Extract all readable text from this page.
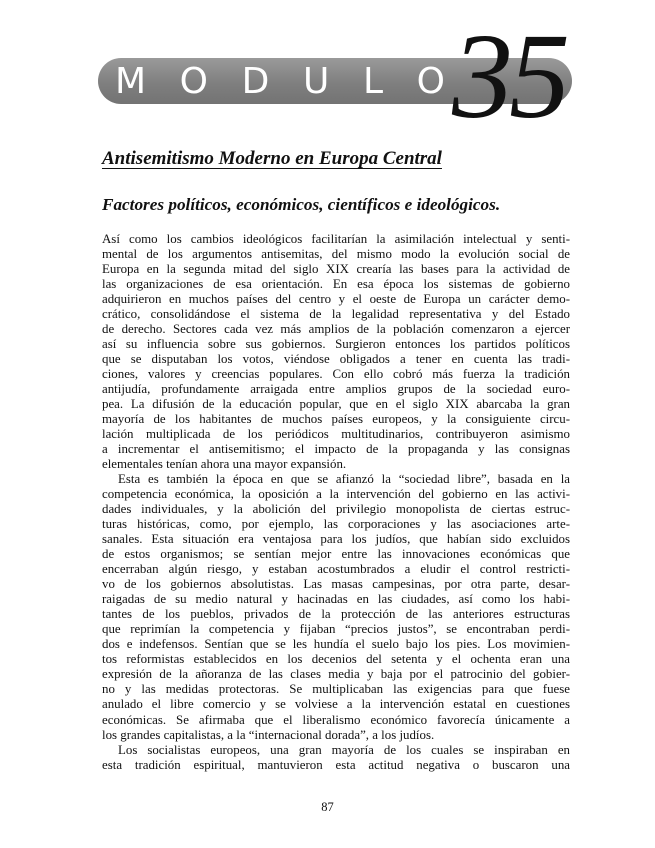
M O D U L O 35
Antisemitismo Moderno en Europa Central
Factores políticos, económicos, científicos e ideológicos.
Así como los cambios ideológicos facilitarían la asimilación intelectual y senti-
mental de los argumentos antisemitas, del mismo modo la evolución social de
Europa en la segunda mitad del siglo XIX crearía las bases para la actividad de
las organizaciones de esa orientación. En esa época los sistemas de gobierno
adquirieron en muchos países del centro y el oeste de Europa un carácter demo-
crático, consolidándose el sistema de la legalidad representativa y del Estado
de derecho. Sectores cada vez más amplios de la población comenzaron a ejercer
así su influencia sobre sus gobiernos. Surgieron entonces los partidos políticos
que se disputaban los votos, viéndose obligados a tener en cuenta las tradi-
ciones, valores y creencias populares. Con ello cobró más fuerza la tradición
antijudía, profundamente arraigada entre amplios grupos de la sociedad euro-
pea. La difusión de la educación popular, que en el siglo XIX abarcaba la gran
mayoría de los habitantes de muchos países europeos, y la consiguiente circu-
lación multiplicada de los periódicos multitudinarios, contribuyeron asimismo
a incrementar el antisemitismo; el impacto de la propaganda y las consignas
elementales tenían ahora una mayor expansión.
Esta es también la época en que se afianzó la “sociedad libre”, basada en la
competencia económica, la oposición a la intervención del gobierno en las activi-
dades individuales, y la abolición del privilegio monopolista de ciertas estruc-
turas históricas, como, por ejemplo, las corporaciones y las asociaciones arte-
sanales. Esta situación era ventajosa para los judíos, que habían sido excluidos
de estos organismos; se sentían mejor entre las innovaciones económicas que
encerraban algún riesgo, y estaban acostumbrados a eludir el control restricti-
vo de los gobiernos absolutistas. Las masas campesinas, por otra parte, desar-
raigadas de su medio natural y hacinadas en las ciudades, así como los habi-
tantes de los pueblos, privados de la protección de las anteriores estructuras
que reprimían la competencia y fijaban “precios justos”, se encontraban perdi-
dos e indefensos. Sentían que se les hundía el suelo bajo los pies. Los movimien-
tos reformistas establecidos en los decenios del setenta y el ochenta eran una
expresión de la añoranza de las clases media y baja por el patrocinio del gobier-
no y las medidas protectoras. Se multiplicaban las exigencias para que fuese
anulado el libre comercio y se volviese a la intervención estatal en cuestiones
económicas. Se afirmaba que el liberalismo económico favorecía únicamente a
los grandes capitalistas, a la “internacional dorada”, a los judíos.
Los socialistas europeos, una gran mayoría de los cuales se inspiraban en
esta tradición espiritual, mantuvieron esta actitud negativa o buscaron una
87
